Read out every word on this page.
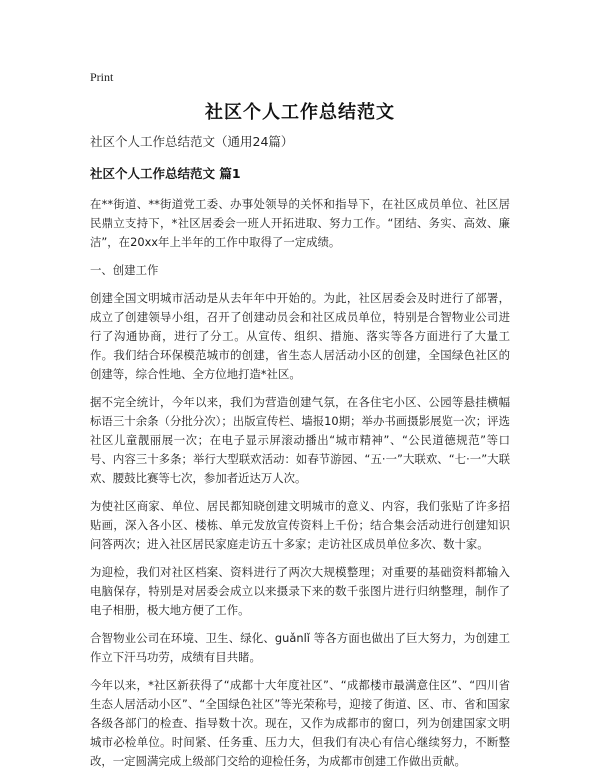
Print
社区个人工作总结范文

社区个人工作总结范文（通用24篇）

社区个人工作总结范文 篇1

在**街道、**街道党工委、办事处领导的关怀和指导下，在社区成员单位、社区居民鼎立支持下，*社区居委会一班人开拓进取、努力工作。“团结、务实、高效、廉洁”，在20xx年上半年的工作中取得了一定成绩。

一、创建工作

创建全国文明城市活动是从去年年中开始的。为此，社区居委会及时进行了部署，成立了创建领导小组，召开了创建动员会和社区成员单位，特别是合智物业公司进行了沟通协商，进行了分工。从宣传、组织、措施、落实等各方面进行了大量工作。我们结合环保模范城市的创建，省生态人居活动小区的创建，全国绿色社区的创建等，综合性地、全方位地打造*社区。

据不完全统计，今年以来，我们为营造创建气氛，在各住宅小区、公园等悬挂横幅标语三十余条（分批分次）；出版宣传栏、墙报10期；举办书画摄影展览一次；评选社区儿童靓丽展一次；在电子显示屏滚动播出“城市精神”、“公民道德规范”等口号、内容三十多条；举行大型联欢活动：如春节游园、“五·一”大联欢、“七·一”大联欢、腰鼓比赛等七次，参加者近达万人次。

为使社区商家、单位、居民都知晓创建文明城市的意义、内容，我们张贴了许多招贴画，深入各小区、楼栋、单元发放宣传资料上千份；结合集会活动进行创建知识问答两次；进入社区居民家庭走访五十多家；走访社区成员单位多次、数十家。

为迎检，我们对社区档案、资料进行了两次大规模整理；对重要的基础资料都输入电脑保存，特别是对居委会成立以来摄录下来的数千张图片进行归纳整理，制作了电子相册，极大地方便了工作。

合智物业公司在环境、卫生、绿化、guǎnlǐ 等各方面也做出了巨大努力，为创建工作立下汗马功劳，成绩有目共睹。

今年以来，*社区新获得了“成都十大年度社区”、“成都楼市最满意住区”、“四川省生态人居活动小区”、“全国绿色社区”等光荣称号，迎接了街道、区、市、省和国家各级各部门的检查、指导数十次。现在，又作为成都市的窗口，列为创建国家文明城市必检单位。时间紧、任务重、压力大，但我们有决心有信心继续努力，不断整改，一定圆满完成上级部门交给的迎检任务，为成都市创建工作做出贡献。
